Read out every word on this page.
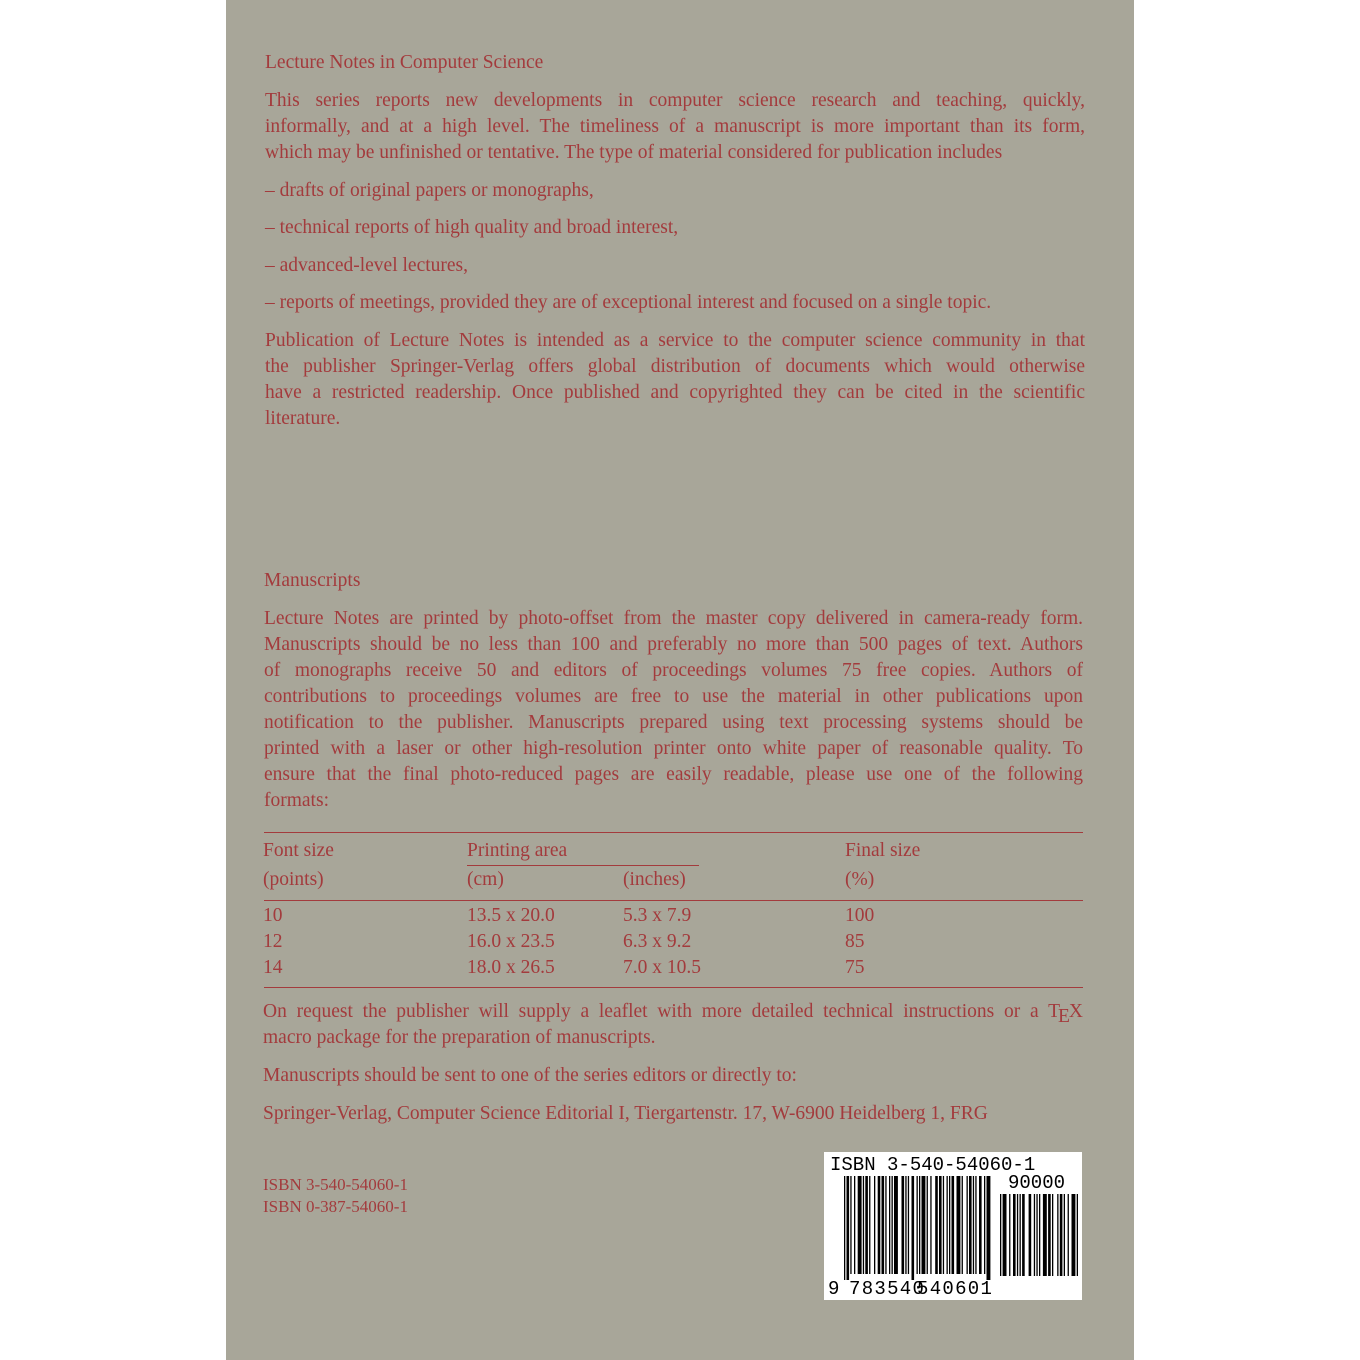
Lecture Notes in Computer Science
This series reports new developments in computer science research and teaching, quickly,
informally, and at a high level. The timeliness of a manuscript is more important than its form,
which may be unfinished or tentative. The type of material considered for publication includes
– drafts of original papers or monographs,
– technical reports of high quality and broad interest,
– advanced-level lectures,
– reports of meetings, provided they are of exceptional interest and focused on a single topic.
Publication of Lecture Notes is intended as a service to the computer science community in that
the publisher Springer-Verlag offers global distribution of documents which would otherwise
have a restricted readership. Once published and copyrighted they can be cited in the scientific
literature.
Manuscripts
Lecture Notes are printed by photo-offset from the master copy delivered in camera-ready form.
Manuscripts should be no less than 100 and preferably no more than 500 pages of text. Authors
of monographs receive 50 and editors of proceedings volumes 75 free copies. Authors of
contributions to proceedings volumes are free to use the material in other publications upon
notification to the publisher. Manuscripts prepared using text processing systems should be
printed with a laser or other high-resolution printer onto white paper of reasonable quality. To
ensure that the final photo-reduced pages are easily readable, please use one of the following
formats:
Font size	Printing area	Final size
(points)	(cm)	(inches)	(%)
10	13.5 x 20.0	5.3 x 7.9	100
12	16.0 x 23.5	6.3 x 9.2	85
14	18.0 x 26.5	7.0 x 10.5	75
On request the publisher will supply a leaflet with more detailed technical instructions or a TEX
macro package for the preparation of manuscripts.
Manuscripts should be sent to one of the series editors or directly to:
Springer-Verlag, Computer Science Editorial I, Tiergartenstr. 17, W-6900 Heidelberg 1, FRG
ISBN 3-540-54060-1
ISBN 0-387-54060-1
ISBN 3-540-54060-1
90000
9 783540
540601
